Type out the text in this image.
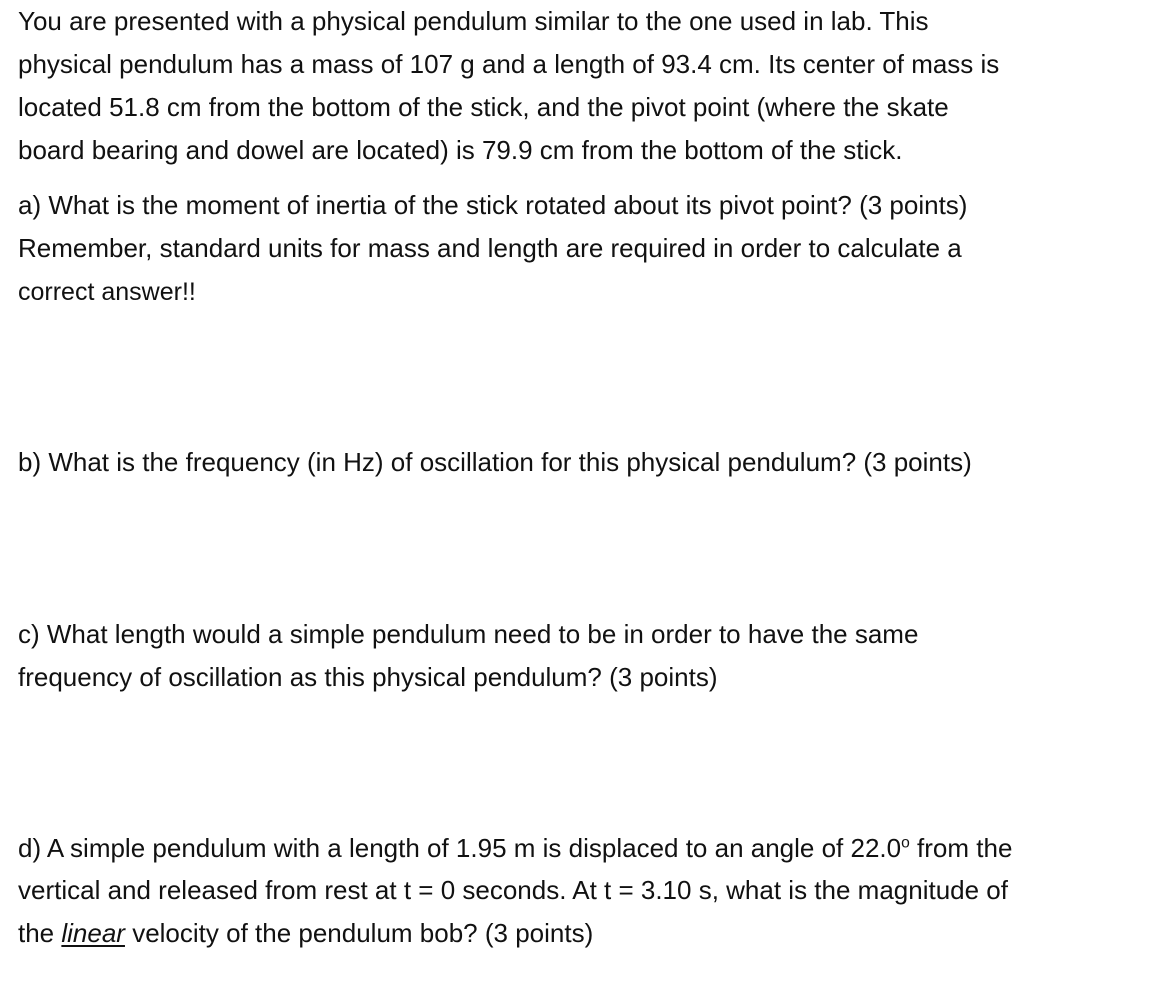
You are presented with a physical pendulum similar to the one used in lab. This
physical pendulum has a mass of 107 g and a length of 93.4 cm. Its center of mass is
located 51.8 cm from the bottom of the stick, and the pivot point (where the skate
board bearing and dowel are located) is 79.9 cm from the bottom of the stick.
a) What is the moment of inertia of the stick rotated about its pivot point? (3 points)
Remember, standard units for mass and length are required in order to calculate a
correct answer!!
b) What is the frequency (in Hz) of oscillation for this physical pendulum? (3 points)
c) What length would a simple pendulum need to be in order to have the same
frequency of oscillation as this physical pendulum? (3 points)
d) A simple pendulum with a length of 1.95 m is displaced to an angle of 22.0$^o$ from the
vertical and released from rest at t = 0 seconds. At t = 3.10 s, what is the magnitude of
the linear velocity of the pendulum bob? (3 points)
